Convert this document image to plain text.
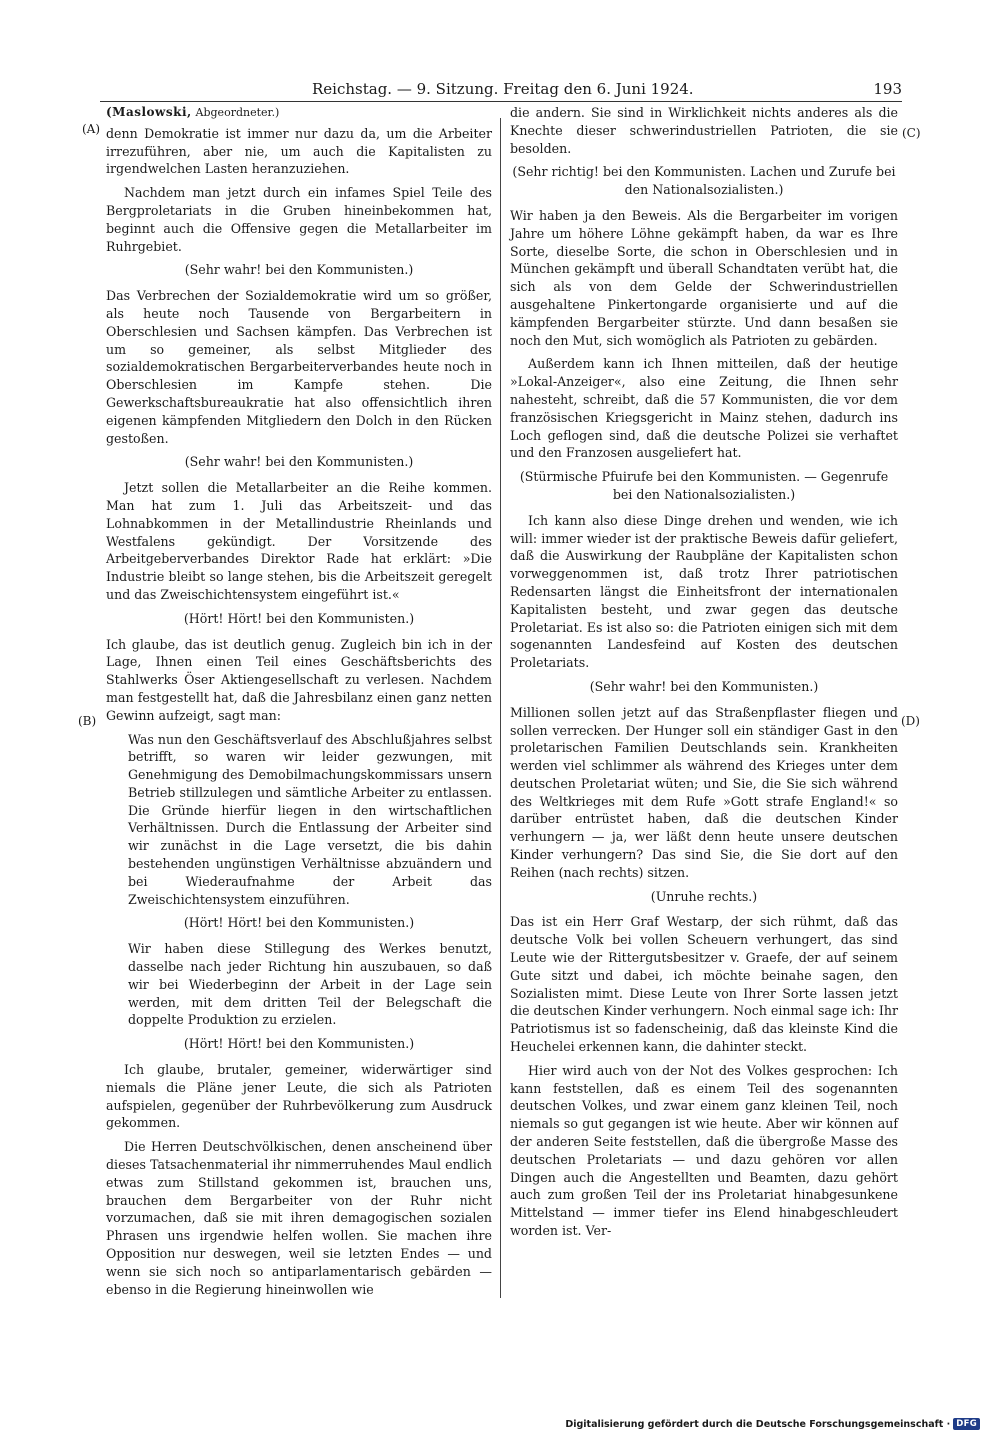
Reichstag. — 9. Sitzung. Freitag den 6. Juni 1924.	193
(A)
(B)
(C)
(D)

(Maslowski, Abgeordneter.)

denn Demokratie ist immer nur dazu da, um die Arbeiter irrezuführen, aber nie, um auch die Kapitalisten zu irgendwelchen Lasten heranzuziehen.

Nachdem man jetzt durch ein infames Spiel Teile des Bergproletariats in die Gruben hineinbekommen hat, beginnt auch die Offensive gegen die Metallarbeiter im Ruhrgebiet.

(Sehr wahr! bei den Kommunisten.)

Das Verbrechen der Sozialdemokratie wird um so größer, als heute noch Tausende von Bergarbeitern in Oberschlesien und Sachsen kämpfen. Das Verbrechen ist um so gemeiner, als selbst Mitglieder des sozialdemokratischen Bergarbeiterverbandes heute noch in Oberschlesien im Kampfe stehen. Die Gewerkschaftsbureaukratie hat also offensichtlich ihren eigenen kämpfenden Mitgliedern den Dolch in den Rücken gestoßen.

(Sehr wahr! bei den Kommunisten.)

Jetzt sollen die Metallarbeiter an die Reihe kommen. Man hat zum 1. Juli das Arbeitszeit- und das Lohnabkommen in der Metallindustrie Rheinlands und Westfalens gekündigt. Der Vorsitzende des Arbeitgeberverbandes Direktor Rade hat erklärt: »Die Industrie bleibt so lange stehen, bis die Arbeitszeit geregelt und das Zweischichtensystem eingeführt ist.«

(Hört! Hört! bei den Kommunisten.)

Ich glaube, das ist deutlich genug. Zugleich bin ich in der Lage, Ihnen einen Teil eines Geschäftsberichts des Stahlwerks Öser Aktiengesellschaft zu verlesen. Nachdem man festgestellt hat, daß die Jahresbilanz einen ganz netten Gewinn aufzeigt, sagt man:

Was nun den Geschäftsverlauf des Abschlußjahres selbst betrifft, so waren wir leider gezwungen, mit Genehmigung des Demobilmachungskommissars unsern Betrieb stillzulegen und sämtliche Arbeiter zu entlassen. Die Gründe hierfür liegen in den wirtschaftlichen Verhältnissen. Durch die Entlassung der Arbeiter sind wir zunächst in die Lage versetzt, die bis dahin bestehenden ungünstigen Verhältnisse abzuändern und bei Wiederaufnahme der Arbeit das Zweischichtensystem einzuführen.

(Hört! Hört! bei den Kommunisten.)

Wir haben diese Stillegung des Werkes benutzt, dasselbe nach jeder Richtung hin auszubauen, so daß wir bei Wiederbeginn der Arbeit in der Lage sein werden, mit dem dritten Teil der Belegschaft die doppelte Produktion zu erzielen.

(Hört! Hört! bei den Kommunisten.)

Ich glaube, brutaler, gemeiner, widerwärtiger sind niemals die Pläne jener Leute, die sich als Patrioten aufspielen, gegenüber der Ruhrbevölkerung zum Ausdruck gekommen.

Die Herren Deutschvölkischen, denen anscheinend über dieses Tatsachenmaterial ihr nimmerruhendes Maul endlich etwas zum Stillstand gekommen ist, brauchen uns, brauchen dem Bergarbeiter von der Ruhr nicht vorzumachen, daß sie mit ihren demagogischen sozialen Phrasen uns irgendwie helfen wollen. Sie machen ihre Opposition nur deswegen, weil sie letzten Endes — und wenn sie sich noch so antiparlamentarisch gebärden — ebenso in die Regierung hineinwollen wie

die andern. Sie sind in Wirklichkeit nichts anderes als die Knechte dieser schwerindustriellen Patrioten, die sie besolden.

(Sehr richtig! bei den Kommunisten. Lachen und Zurufe bei den Nationalsozialisten.)

Wir haben ja den Beweis. Als die Bergarbeiter im vorigen Jahre um höhere Löhne gekämpft haben, da war es Ihre Sorte, dieselbe Sorte, die schon in Oberschlesien und in München gekämpft und überall Schandtaten verübt hat, die sich als von dem Gelde der Schwerindustriellen ausgehaltene Pinkertongarde organisierte und auf die kämpfenden Bergarbeiter stürzte. Und dann besaßen sie noch den Mut, sich womöglich als Patrioten zu gebärden.

Außerdem kann ich Ihnen mitteilen, daß der heutige »Lokal-Anzeiger«, also eine Zeitung, die Ihnen sehr nahesteht, schreibt, daß die 57 Kommunisten, die vor dem französischen Kriegsgericht in Mainz stehen, dadurch ins Loch geflogen sind, daß die deutsche Polizei sie verhaftet und den Franzosen ausgeliefert hat.

(Stürmische Pfuirufe bei den Kommunisten. — Gegenrufe bei den Nationalsozialisten.)

Ich kann also diese Dinge drehen und wenden, wie ich will: immer wieder ist der praktische Beweis dafür geliefert, daß die Auswirkung der Raubpläne der Kapitalisten schon vorweggenommen ist, daß trotz Ihrer patriotischen Redensarten längst die Einheitsfront der internationalen Kapitalisten besteht, und zwar gegen das deutsche Proletariat. Es ist also so: die Patrioten einigen sich mit dem sogenannten Landesfeind auf Kosten des deutschen Proletariats.

(Sehr wahr! bei den Kommunisten.)

Millionen sollen jetzt auf das Straßenpflaster fliegen und sollen verrecken. Der Hunger soll ein ständiger Gast in den proletarischen Familien Deutschlands sein. Krankheiten werden viel schlimmer als während des Krieges unter dem deutschen Proletariat wüten; und Sie, die Sie sich während des Weltkrieges mit dem Rufe »Gott strafe England!« so darüber entrüstet haben, daß die deutschen Kinder verhungern — ja, wer läßt denn heute unsere deutschen Kinder verhungern? Das sind Sie, die Sie dort auf den Reihen (nach rechts) sitzen.

(Unruhe rechts.)

Das ist ein Herr Graf Westarp, der sich rühmt, daß das deutsche Volk bei vollen Scheuern verhungert, das sind Leute wie der Rittergutsbesitzer v. Graefe, der auf seinem Gute sitzt und dabei, ich möchte beinahe sagen, den Sozialisten mimt. Diese Leute von Ihrer Sorte lassen jetzt die deutschen Kinder verhungern. Noch einmal sage ich: Ihr Patriotismus ist so fadenscheinig, daß das kleinste Kind die Heuchelei erkennen kann, die dahinter steckt.

Hier wird auch von der Not des Volkes gesprochen: Ich kann feststellen, daß es einem Teil des sogenannten deutschen Volkes, und zwar einem ganz kleinen Teil, noch niemals so gut gegangen ist wie heute. Aber wir können auf der anderen Seite feststellen, daß die übergroße Masse des deutschen Proletariats — und dazu gehören vor allen Dingen auch die Angestellten und Beamten, dazu gehört auch zum großen Teil der ins Proletariat hinabgesunkene Mittelstand — immer tiefer ins Elend hinabgeschleudert worden ist. Ver-

Digitalisierung gefördert durch die Deutsche Forschungsgemeinschaft · DFG
